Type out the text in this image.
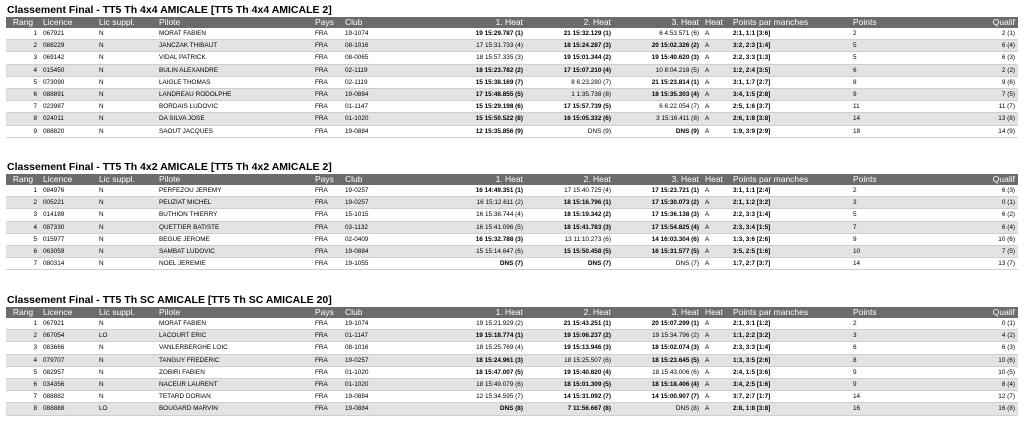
Classement Final - TT5 Th 4x4 AMICALE [TT5 Th 4x4 AMICALE 2]
Rang	Licence	Lic suppl.	Pilote	Pays	Club	1. Heat	2. Heat	3. Heat	Heat	Points par manches	Points	Qualif
1	067921	N	MORAT FABIEN	FRA	19-1074	19 15:29.787 (1)	21 15:32.129 (1)	6 4:53.571 (6)	A	2:1, 1:1 [3:6]	2	2 (1)
2	088229	N	JANCZAK THIBAUT	FRA	08-1016	17 15:31.733 (4)	18 15:24.287 (3)	20 15:02.326 (2)	A	3:2, 2:3 [1:4]	5	6 (4)
3	069142	N	VIDAL PATRICK	FRA	08-0065	18 15:57.335 (3)	19 15:01.344 (2)	19 15:40.620 (3)	A	2:2, 3:3 [1:3]	5	6 (3)
4	015450	N	BULIN ALEXANDRE	FRA	02-1119	18 15:23.782 (2)	17 15:07.210 (4)	10 8:04.218 (5)	A	1:2, 2:4 [3:5]	6	2 (2)
5	073090	N	LAIGLE THOMAS	FRA	02-1119	15 15:38.169 (7)	8 6:23.280 (7)	21 15:23.814 (1)	A	3:1, 1:7 [2:7]	8	9 (6)
6	088891	N	LANDREAU RODOLPHE	FRA	19-0884	17 15:48.855 (5)	1 1:35.738 (8)	18 15:35.303 (4)	A	3:4, 1:5 [2:8]	9	7 (5)
7	023987	N	BORDAIS LUDOVIC	FRA	01-1147	15 15:29.198 (6)	17 15:57.739 (5)	6 6:22.054 (7)	A	2:5, 1:6 [3:7]	11	11 (7)
8	024011	N	DA SILVA JOSE	FRA	01-1020	15 15:50.522 (8)	16 15:05.332 (6)	3 15:16.411 (8)	A	2:6, 1:8 [3:8]	14	13 (8)
9	088820	N	SAOUT JACQUES	FRA	19-0884	12 15:35.856 (9)	DNS (9)	DNS (9)	A	1:9, 3:9 [2:9]	18	14 (9)
Classement Final - TT5 Th 4x2 AMICALE [TT5 Th 4x2 AMICALE 2]
Rang	Licence	Lic suppl.	Pilote	Pays	Club	1. Heat	2. Heat	3. Heat	Heat	Points par manches	Points	Qualif
1	084976	N	PERFEZOU JEREMY	FRA	19-0257	16 14:49.351 (1)	17 15:40.725 (4)	17 15:23.721 (1)	A	3:1, 1:1 [2:4]	2	6 (3)
2	005221	N	PEUZIAT MICHEL	FRA	19-0257	16 15:12.611 (2)	18 15:16.796 (1)	17 15:30.073 (2)	A	2:1, 1:2 [3:2]	3	0 (1)
3	014189	N	BUTHION THIERRY	FRA	15-1015	16 15:38.744 (4)	18 15:19.342 (2)	17 15:36.138 (3)	A	2:2, 3:3 [1:4]	5	6 (2)
4	087330	N	QUETTIER BATISTE	FRA	03-1132	16 15:41.096 (5)	18 15:41.783 (3)	17 15:54.825 (4)	A	2:3, 3:4 [1:5]	7	6 (4)
5	015977	N	BEGUE JEROME	FRA	02-0409	16 15:32.788 (3)	13 11:10.273 (6)	14 16:03.304 (6)	A	1:3, 3:6 [2:6]	9	10 (6)
6	063059	N	SAMBAT LUDOVIC	FRA	19-0884	15 15:14.647 (6)	15 15:50.458 (5)	16 15:31.577 (5)	A	3:5, 2:5 [1:6]	10	7 (5)
7	080314	N	NOEL JEREMIE	FRA	19-1055	DNS (7)	DNS (7)	DNS (7)	A	1:7, 2:7 [3:7]	14	13 (7)
Classement Final - TT5 Th SC AMICALE [TT5 Th SC AMICALE 20]
Rang	Licence	Lic suppl.	Pilote	Pays	Club	1. Heat	2. Heat	3. Heat	Heat	Points par manches	Points	Qualif
1	067921	N	MORAT FABIEN	FRA	19-1074	19 15:21.929 (2)	21 15:43.251 (1)	20 15:07.299 (1)	A	2:1, 3:1 [1:2]	2	0 (1)
2	067054	LO	LACOURT ERIC	FRA	01-1147	19 15:18.774 (1)	19 15:06.237 (2)	19 15:34.796 (2)	A	1:1, 2:2 [3:2]	3	4 (2)
3	083666	N	VANLERBERGHE LOIC	FRA	08-1016	18 15:25.769 (4)	19 15:13.946 (3)	18 15:02.074 (3)	A	2:3, 3:3 [1:4]	6	6 (3)
4	079707	N	TANGUY FREDERIC	FRA	19-0257	18 15:24.961 (3)	18 15:25.507 (6)	18 15:23.645 (5)	A	1:3, 3:5 [2:6]	8	10 (6)
5	082957	N	ZOBIRI FABIEN	FRA	01-1020	18 15:47.007 (5)	19 15:40.820 (4)	18 15:43.006 (6)	A	2:4, 1:5 [3:6]	9	10 (5)
6	034356	N	NACEUR LAURENT	FRA	01-1020	18 15:49.079 (6)	18 15:01.309 (5)	18 15:18.406 (4)	A	3:4, 2:5 [1:6]	9	8 (4)
7	088882	N	TETARD DORIAN	FRA	19-0884	12 15:34.595 (7)	14 15:31.092 (7)	14 15:00.907 (7)	A	3:7, 2:7 [1:7]	14	12 (7)
8	088888	LO	BOUGARD MARVIN	FRA	19-0884	DNS (8)	7 11:56.667 (8)	DNS (8)	A	2:8, 1:8 [3:8]	16	16 (8)
